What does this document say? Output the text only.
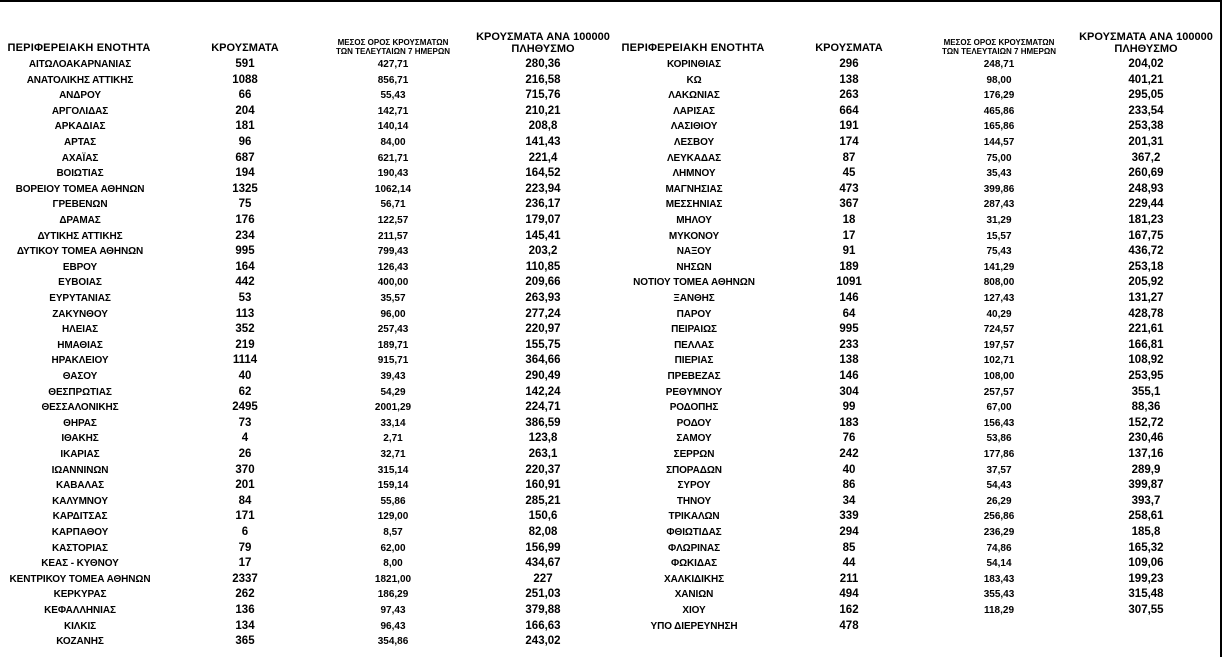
ΠΕΡΙΦΕΡΕΙΑΚΗ ΕΝΟΤΗΤΑ	ΚΡΟΥΣΜΑΤΑ
ΜΕΣΟΣ ΟΡΟΣ ΚΡΟΥΣΜΑΤΩΝ
ΤΩΝ ΤΕΛΕΥΤΑΙΩΝ 7 ΗΜΕΡΩΝ
ΚΡΟΥΣΜΑΤΑ ΑΝΑ 100000
ΠΛΗΘΥΣΜΟ
ΑΙΤΩΛΟΑΚΑΡΝΑΝΙΑΣ	591	427,71	280,36
ΑΝΑΤΟΛΙΚΗΣ ΑΤΤΙΚΗΣ	1088	856,71	216,58
ΑΝΔΡΟΥ	66	55,43	715,76
ΑΡΓΟΛΙΔΑΣ	204	142,71	210,21
ΑΡΚΑΔΙΑΣ	181	140,14	208,8
ΑΡΤΑΣ	96	84,00	141,43
ΑΧΑΪΑΣ	687	621,71	221,4
ΒΟΙΩΤΙΑΣ	194	190,43	164,52
ΒΟΡΕΙΟΥ ΤΟΜΕΑ ΑΘΗΝΩΝ	1325	1062,14	223,94
ΓΡΕΒΕΝΩΝ	75	56,71	236,17
ΔΡΑΜΑΣ	176	122,57	179,07
ΔΥΤΙΚΗΣ ΑΤΤΙΚΗΣ	234	211,57	145,41
ΔΥΤΙΚΟΥ ΤΟΜΕΑ ΑΘΗΝΩΝ	995	799,43	203,2
ΕΒΡΟΥ	164	126,43	110,85
ΕΥΒΟΙΑΣ	442	400,00	209,66
ΕΥΡΥΤΑΝΙΑΣ	53	35,57	263,93
ΖΑΚΥΝΘΟΥ	113	96,00	277,24
ΗΛΕΙΑΣ	352	257,43	220,97
ΗΜΑΘΙΑΣ	219	189,71	155,75
ΗΡΑΚΛΕΙΟΥ	1114	915,71	364,66
ΘΑΣΟΥ	40	39,43	290,49
ΘΕΣΠΡΩΤΙΑΣ	62	54,29	142,24
ΘΕΣΣΑΛΟΝΙΚΗΣ	2495	2001,29	224,71
ΘΗΡΑΣ	73	33,14	386,59
ΙΘΑΚΗΣ	4	2,71	123,8
ΙΚΑΡΙΑΣ	26	32,71	263,1
ΙΩΑΝΝΙΝΩΝ	370	315,14	220,37
ΚΑΒΑΛΑΣ	201	159,14	160,91
ΚΑΛΥΜΝΟΥ	84	55,86	285,21
ΚΑΡΔΙΤΣΑΣ	171	129,00	150,6
ΚΑΡΠΑΘΟΥ	6	8,57	82,08
ΚΑΣΤΟΡΙΑΣ	79	62,00	156,99
ΚΕΑΣ - ΚΥΘΝΟΥ	17	8,00	434,67
ΚΕΝΤΡΙΚΟΥ ΤΟΜΕΑ ΑΘΗΝΩΝ	2337	1821,00	227
ΚΕΡΚΥΡΑΣ	262	186,29	251,03
ΚΕΦΑΛΛΗΝΙΑΣ	136	97,43	379,88
ΚΙΛΚΙΣ	134	96,43	166,63
ΚΟΖΑΝΗΣ	365	354,86	243,02
ΠΕΡΙΦΕΡΕΙΑΚΗ ΕΝΟΤΗΤΑ	ΚΡΟΥΣΜΑΤΑ
ΜΕΣΟΣ ΟΡΟΣ ΚΡΟΥΣΜΑΤΩΝ
ΤΩΝ ΤΕΛΕΥΤΑΙΩΝ 7 ΗΜΕΡΩΝ
ΚΡΟΥΣΜΑΤΑ ΑΝΑ 100000
ΠΛΗΘΥΣΜΟ
ΚΟΡΙΝΘΙΑΣ	296	248,71	204,02
ΚΩ	138	98,00	401,21
ΛΑΚΩΝΙΑΣ	263	176,29	295,05
ΛΑΡΙΣΑΣ	664	465,86	233,54
ΛΑΣΙΘΙΟΥ	191	165,86	253,38
ΛΕΣΒΟΥ	174	144,57	201,31
ΛΕΥΚΑΔΑΣ	87	75,00	367,2
ΛΗΜΝΟΥ	45	35,43	260,69
ΜΑΓΝΗΣΙΑΣ	473	399,86	248,93
ΜΕΣΣΗΝΙΑΣ	367	287,43	229,44
ΜΗΛΟΥ	18	31,29	181,23
ΜΥΚΟΝΟΥ	17	15,57	167,75
ΝΑΞΟΥ	91	75,43	436,72
ΝΗΣΩΝ	189	141,29	253,18
ΝΟΤΙΟΥ ΤΟΜΕΑ ΑΘΗΝΩΝ	1091	808,00	205,92
ΞΑΝΘΗΣ	146	127,43	131,27
ΠΑΡΟΥ	64	40,29	428,78
ΠΕΙΡΑΙΩΣ	995	724,57	221,61
ΠΕΛΛΑΣ	233	197,57	166,81
ΠΙΕΡΙΑΣ	138	102,71	108,92
ΠΡΕΒΕΖΑΣ	146	108,00	253,95
ΡΕΘΥΜΝΟΥ	304	257,57	355,1
ΡΟΔΟΠΗΣ	99	67,00	88,36
ΡΟΔΟΥ	183	156,43	152,72
ΣΑΜΟΥ	76	53,86	230,46
ΣΕΡΡΩΝ	242	177,86	137,16
ΣΠΟΡΑΔΩΝ	40	37,57	289,9
ΣΥΡΟΥ	86	54,43	399,87
ΤΗΝΟΥ	34	26,29	393,7
ΤΡΙΚΑΛΩΝ	339	256,86	258,61
ΦΘΙΩΤΙΔΑΣ	294	236,29	185,8
ΦΛΩΡΙΝΑΣ	85	74,86	165,32
ΦΩΚΙΔΑΣ	44	54,14	109,06
ΧΑΛΚΙΔΙΚΗΣ	211	183,43	199,23
ΧΑΝΙΩΝ	494	355,43	315,48
ΧΙΟΥ	162	118,29	307,55
ΥΠΟ ΔΙΕΡΕΥΝΗΣΗ	478
